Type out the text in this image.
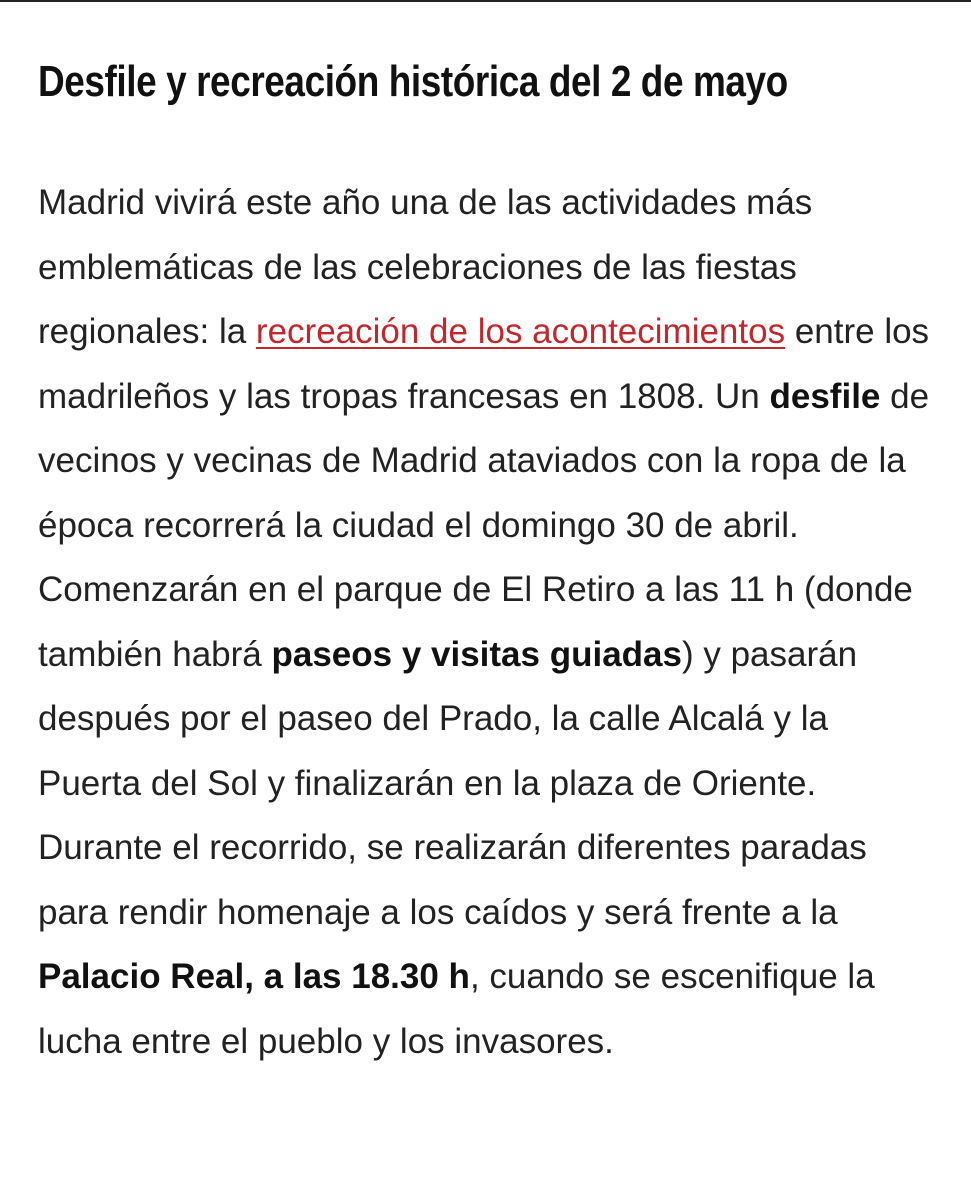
Desfile y recreación histórica del 2 de mayo

Madrid vivirá este año una de las actividades más emblemáticas de las celebraciones de las fiestas regionales: la recreación de los acontecimientos entre los madrileños y las tropas francesas en 1808. Un desfile de vecinos y vecinas de Madrid ataviados con la ropa de la época recorrerá la ciudad el domingo 30 de abril. Comenzarán en el parque de El Retiro a las 11 h (donde también habrá paseos y visitas guiadas) y pasarán después por el paseo del Prado, la calle Alcalá y la Puerta del Sol y finalizarán en la plaza de Oriente. Durante el recorrido, se realizarán diferentes paradas para rendir homenaje a los caídos y será frente a la Palacio Real, a las 18.30 h, cuando se escenifique la lucha entre el pueblo y los invasores.
